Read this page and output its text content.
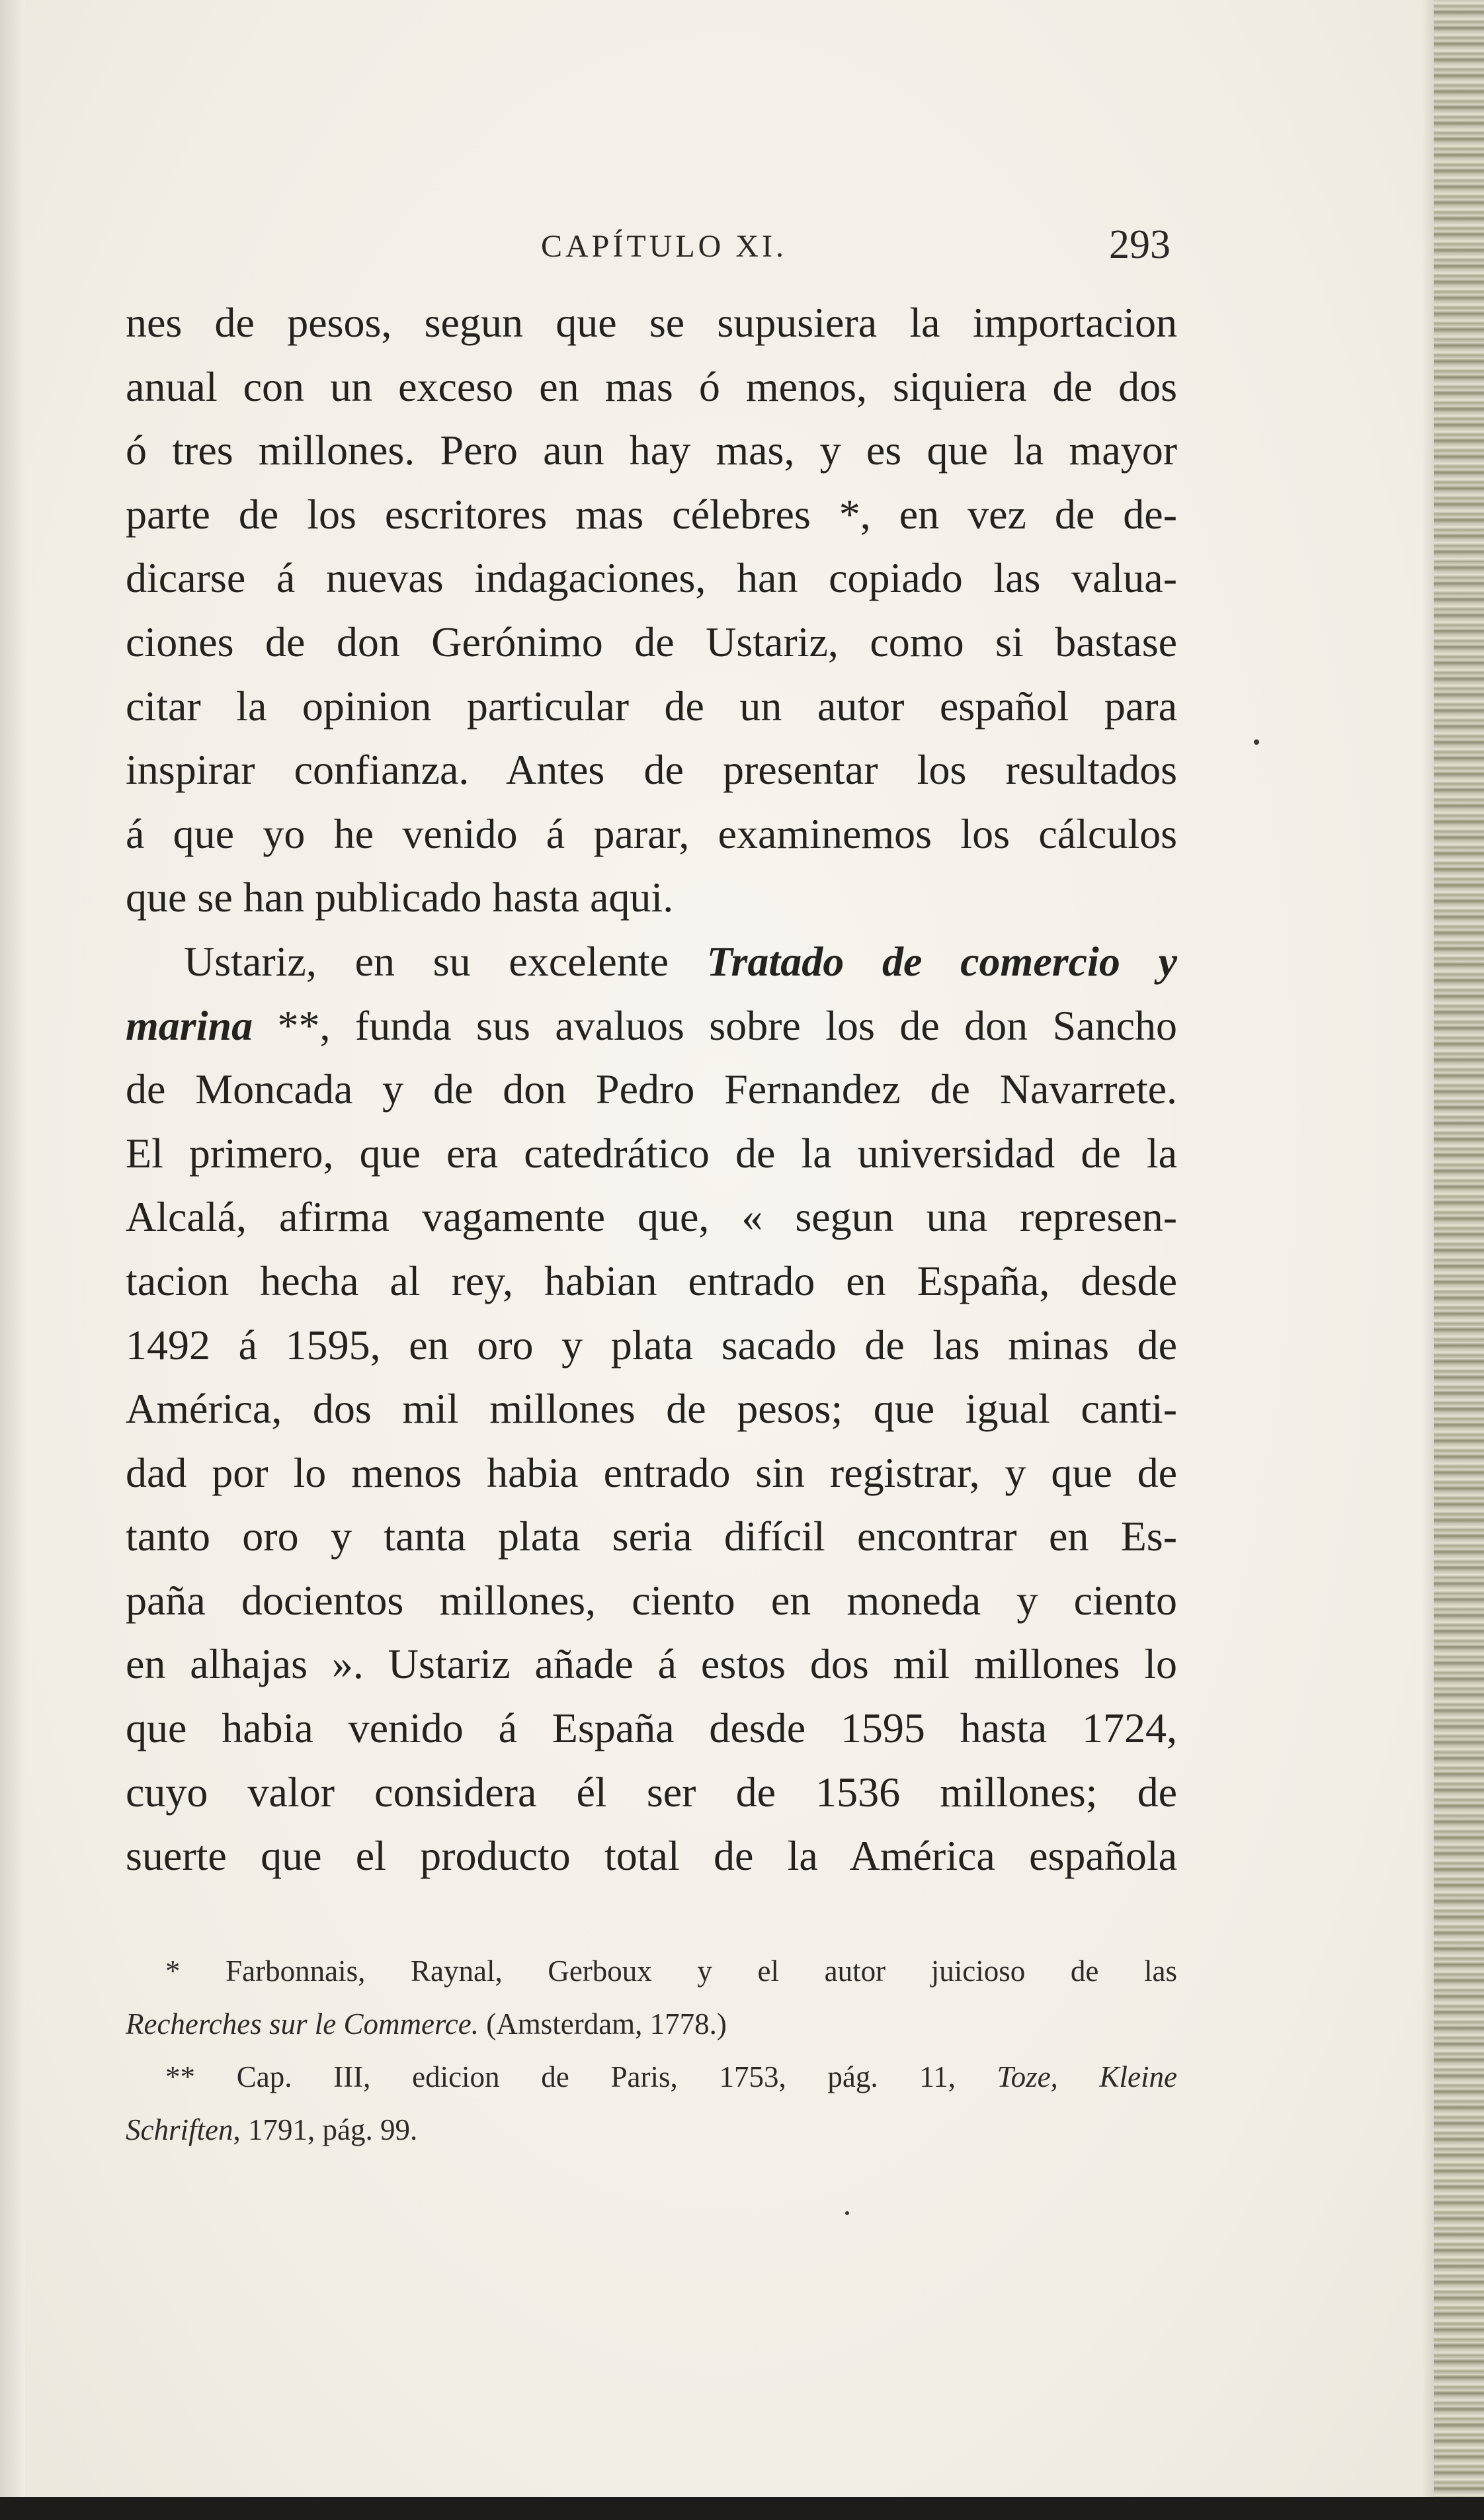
CAPÍTULO XI.	293
nes de pesos, segun que se supusiera la importacion
anual con un exceso en mas ó menos, siquiera de dos
ó tres millones. Pero aun hay mas, y es que la mayor
parte de los escritores mas célebres *, en vez de de-
dicarse á nuevas indagaciones, han copiado las valua-
ciones de don Gerónimo de Ustariz, como si bastase
citar la opinion particular de un autor español para
inspirar confianza. Antes de presentar los resultados
á que yo he venido á parar, examinemos los cálculos
que se han publicado hasta aqui.
Ustariz, en su excelente Tratado de comercio y
marina **, funda sus avaluos sobre los de don Sancho
de Moncada y de don Pedro Fernandez de Navarrete.
El primero, que era catedrático de la universidad de la
Alcalá, afirma vagamente que, « segun una represen-
tacion hecha al rey, habian entrado en España, desde
1492 á 1595, en oro y plata sacado de las minas de
América, dos mil millones de pesos; que igual canti-
dad por lo menos habia entrado sin registrar, y que de
tanto oro y tanta plata seria difícil encontrar en Es-
paña docientos millones, ciento en moneda y ciento
en alhajas ». Ustariz añade á estos dos mil millones lo
que habia venido á España desde 1595 hasta 1724,
cuyo valor considera él ser de 1536 millones; de
suerte que el producto total de la América española
* Farbonnais, Raynal, Gerboux y el autor juicioso de las
Recherches sur le Commerce. (Amsterdam, 1778.)
** Cap. III, edicion de Paris, 1753, pág. 11, Toze, Kleine
Schriften, 1791, pág. 99.
